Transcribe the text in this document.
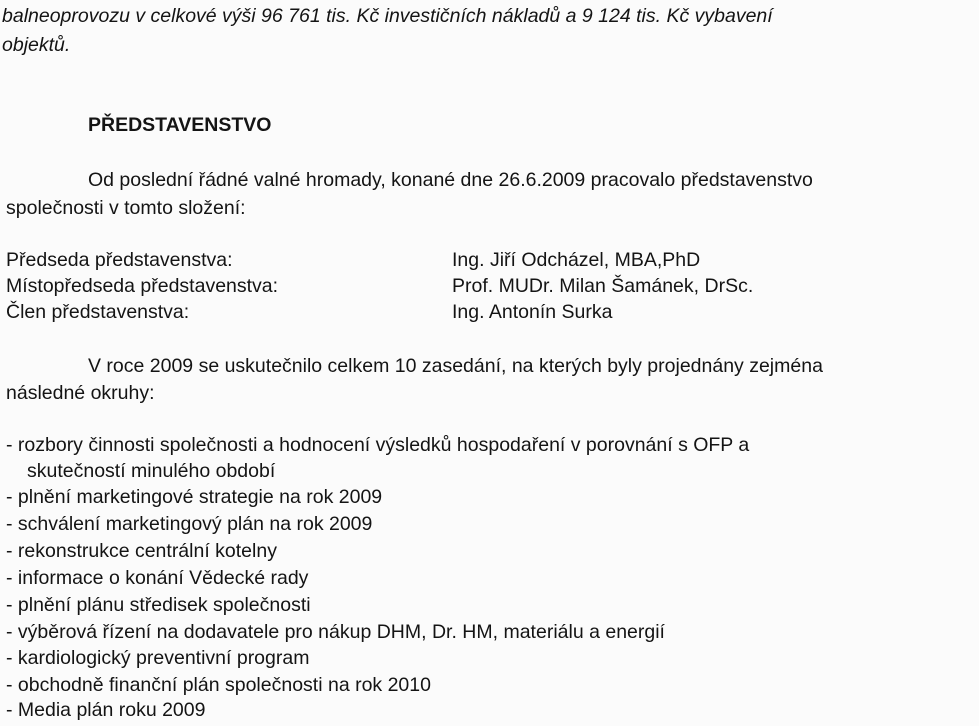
balneoprovozu v celkové výši 96 761 tis. Kč investičních nákladů a 9 124 tis. Kč vybavení
objektů.
PŘEDSTAVENSTVO
Od poslední řádné valné hromady, konané dne 26.6.2009 pracovalo představenstvo
společnosti v tomto složení:
Předseda představenstva:
Místopředseda představenstva:
Člen představenstva:
Ing. Jiří Odcházel, MBA,PhD
Prof. MUDr. Milan Šamánek, DrSc.
Ing. Antonín Surka
V roce 2009 se uskutečnilo celkem 10 zasedání, na kterých byly projednány zejména
následné okruhy:
- rozbory činnosti společnosti a hodnocení výsledků hospodaření v porovnání s OFP a
skutečností minulého období
- plnění marketingové strategie na rok 2009
- schválení marketingový plán na rok 2009
- rekonstrukce centrální kotelny
- informace o konání Vědecké rady
- plnění plánu středisek společnosti
- výběrová řízení na dodavatele pro nákup DHM, Dr. HM, materiálu a energií
- kardiologický preventivní program
- obchodně finanční plán společnosti na rok 2010
- Media plán roku 2009
